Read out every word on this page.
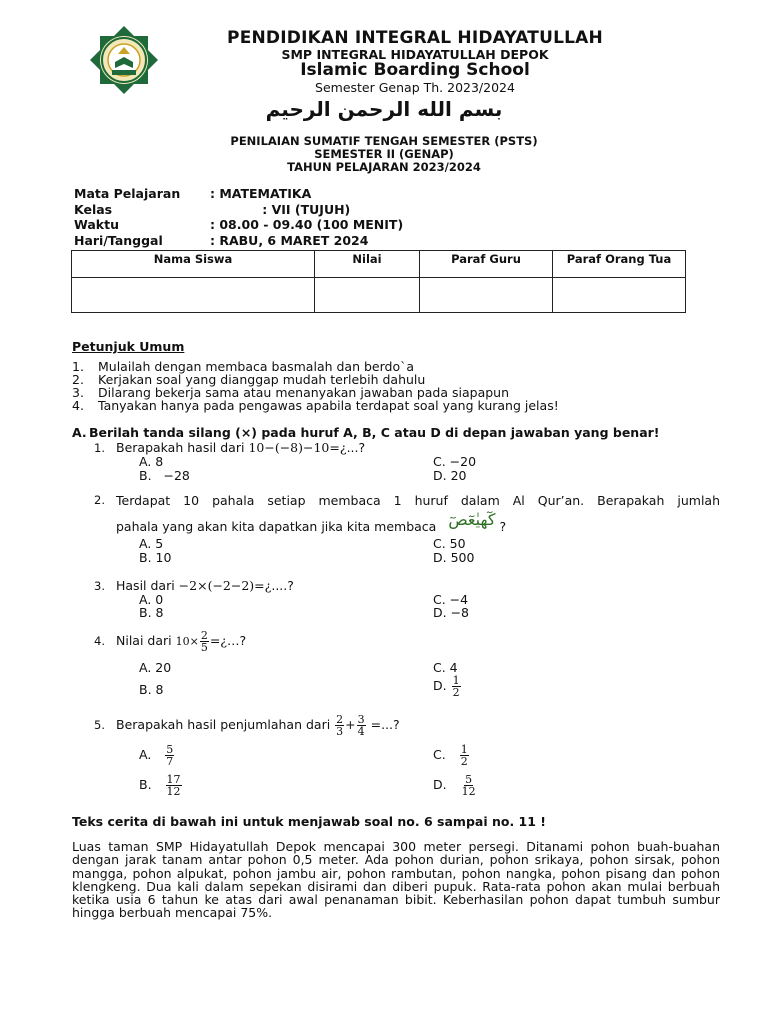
PENDIDIKAN INTEGRAL HIDAYATULLAH
SMP INTEGRAL HIDAYATULLAH DEPOK
Islamic Boarding School
Semester Genap Th. 2023/2024
بسم الله الرحمن الرحيم
PENILAIAN SUMATIF TENGAH SEMESTER (PSTS)
SEMESTER II (GENAP)
TAHUN PELAJARAN 2023/2024
Mata Pelajaran	: MATEMATIKA
Kelas	: VII (TUJUH)
Waktu	: 08.00 - 09.40 (100 MENIT)
Hari/Tanggal	: RABU, 6 MARET 2024
Nama Siswa	Nilai	Paraf Guru	Paraf Orang Tua

Petunjuk Umum
1. Mulailah dengan membaca basmalah dan berdo`a
2. Kerjakan soal yang dianggap mudah terlebih dahulu
3. Dilarang bekerja sama atau menanyakan jawaban pada siapapun
4. Tanyakan hanya pada pengawas apabila terdapat soal yang kurang jelas!
A. Berilah tanda silang (×) pada huruf A, B, C atau D di depan jawaban yang benar!
1. Berapakah hasil dari 10−(−8)−10=¿...?
A. 8
B.   −28
C. −20
D. 20
2. Terdapat 10 pahala setiap membaca 1 huruf dalam Al Qur’an. Berapakah jumlah
pahala yang akan kita dapatkan jika kita membaca كٓهيٰعٓصٓ ?
A. 5
B. 10
C. 50
D. 500
3. Hasil dari −2×(−2−2)=¿....?
A. 0
B. 8
C. −4
D. −8
4. Nilai dari $10\times \frac{2}{5}$ =¿…?
A. 20
B. 8
C. 4
D. $\frac{1}{2}$
5. Berapakah hasil penjumlahan dari $\frac{2}{3} + \frac{3}{4}$ =...?
A. $\frac{5}{7}$
B. $\frac{17}{12}$
C. $\frac{1}{2}$
D. $\frac{5}{12}$
Teks cerita di bawah ini untuk menjawab soal no. 6 sampai no. 11 !
Luas taman SMP Hidayatullah Depok mencapai 300 meter persegi. Ditanami pohon buah-buahan dengan jarak tanam antar pohon 0,5 meter. Ada pohon durian, pohon srikaya, pohon sirsak, pohon mangga, pohon alpukat, pohon jambu air, pohon rambutan, pohon nangka, pohon pisang dan pohon klengkeng. Dua kali dalam sepekan disirami dan diberi pupuk. Rata-rata pohon akan mulai berbuah ketika usia 6 tahun ke atas dari awal penanaman bibit. Keberhasilan pohon dapat tumbuh sumbur hingga berbuah mencapai 75%.
